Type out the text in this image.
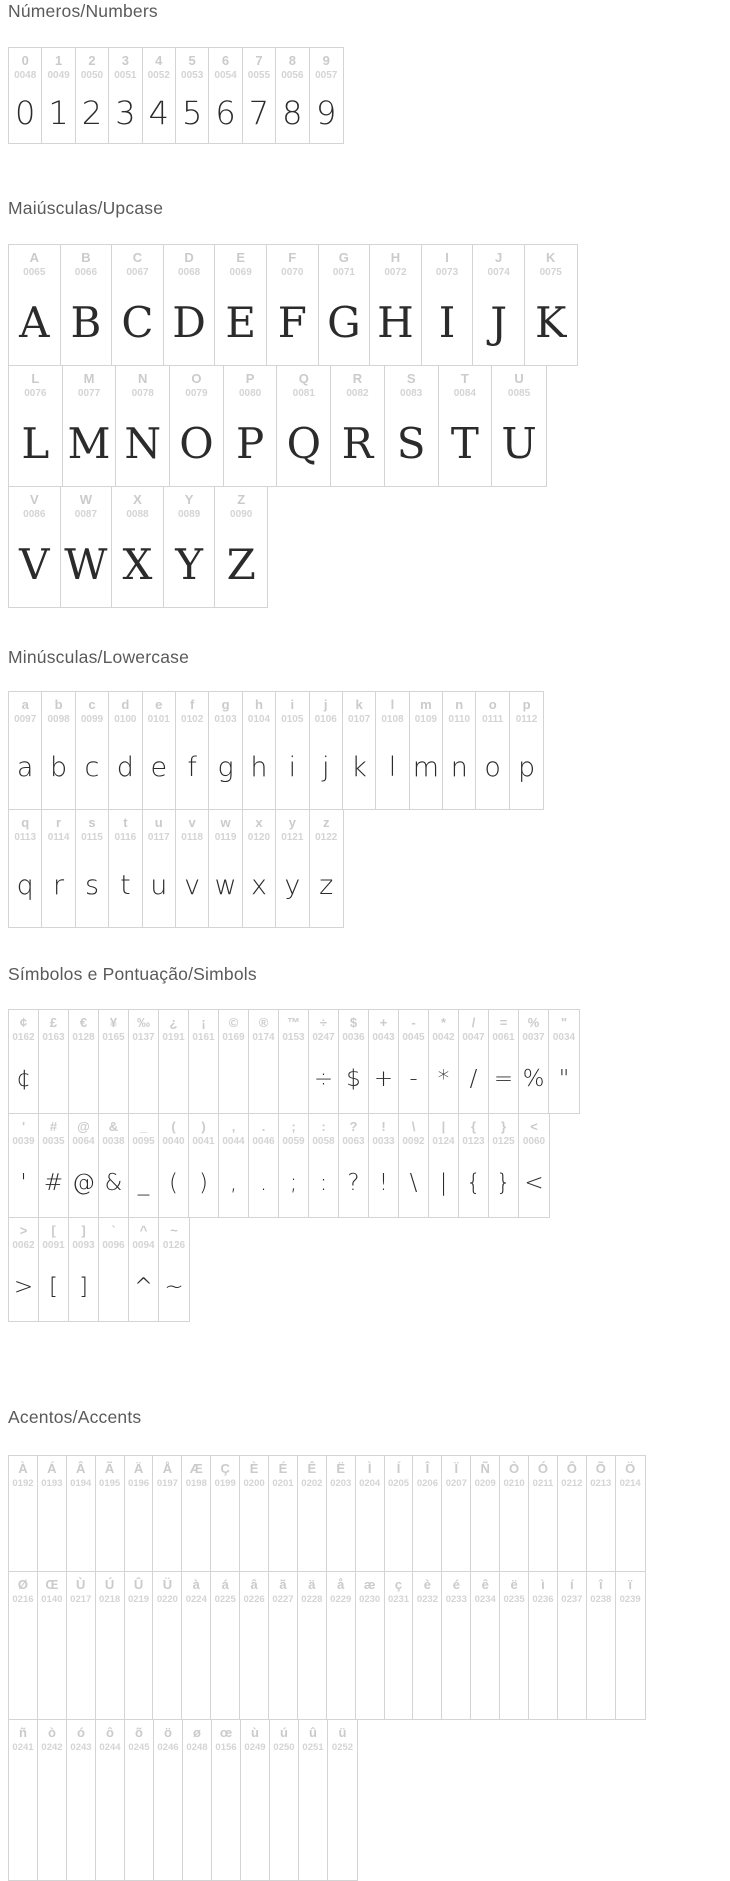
Números/Numbers
0
0048
0
1
0049
1
2
0050
2
3
0051
3
4
0052
4
5
0053
5
6
0054
6
7
0055
7
8
0056
8
9
0057
9
Maiúsculas/Upcase
A
0065
A
B
0066
B
C
0067
C
D
0068
D
E
0069
E
F
0070
F
G
0071
G
H
0072
H
I
0073
I
J
0074
J
K
0075
K
L
0076
L
M
0077
M
N
0078
N
O
0079
O
P
0080
P
Q
0081
Q
R
0082
R
S
0083
S
T
0084
T
U
0085
U
V
0086
V
W
0087
W
X
0088
X
Y
0089
Y
Z
0090
Z
Minúsculas/Lowercase
a
0097
a
b
0098
b
c
0099
c
d
0100
d
e
0101
e
f
0102
f
g
0103
g
h
0104
h
i
0105
i
j
0106
j
k
0107
k
l
0108
l
m
0109
m
n
0110
n
o
0111
o
p
0112
p
q
0113
q
r
0114
r
s
0115
s
t
0116
t
u
0117
u
v
0118
v
w
0119
w
x
0120
x
y
0121
y
z
0122
z
Símbolos e Pontuação/Simbols
¢
0162
¢
£
0163
€
0128
¥
0165
‰
0137
¿
0191
¡
0161
©
0169
®
0174
™
0153
÷
0247
÷
$
0036
$
+
0043
+
-
0045
-
*
0042
*
/
0047
/
=
0061
=
%
0037
%
"
0034
"
'
0039
'
#
0035
#
@
0064
@
&
0038
&
_
0095
_
(
0040
(
)
0041
)
,
0044
,
.
0046
.
;
0059
;
:
0058
:
?
0063
?
!
0033
!
\
0092
\
|
0124
|
{
0123
{
}
0125
}
<
0060
<
>
0062
>
[
0091
[
]
0093
]
`
0096
^
0094
^
~
0126
~
Acentos/Accents
À
0192
Á
0193
Â
0194
Ã
0195
Ä
0196
Å
0197
Æ
0198
Ç
0199
È
0200
É
0201
Ê
0202
Ë
0203
Ì
0204
Í
0205
Î
0206
Ï
0207
Ñ
0209
Ò
0210
Ó
0211
Ô
0212
Õ
0213
Ö
0214
Ø
0216
Œ
0140
Ù
0217
Ú
0218
Û
0219
Ü
0220
à
0224
á
0225
â
0226
ã
0227
ä
0228
å
0229
æ
0230
ç
0231
è
0232
é
0233
ê
0234
ë
0235
ì
0236
í
0237
î
0238
ï
0239
ñ
0241
ò
0242
ó
0243
ô
0244
õ
0245
ö
0246
ø
0248
œ
0156
ù
0249
ú
0250
û
0251
ü
0252
